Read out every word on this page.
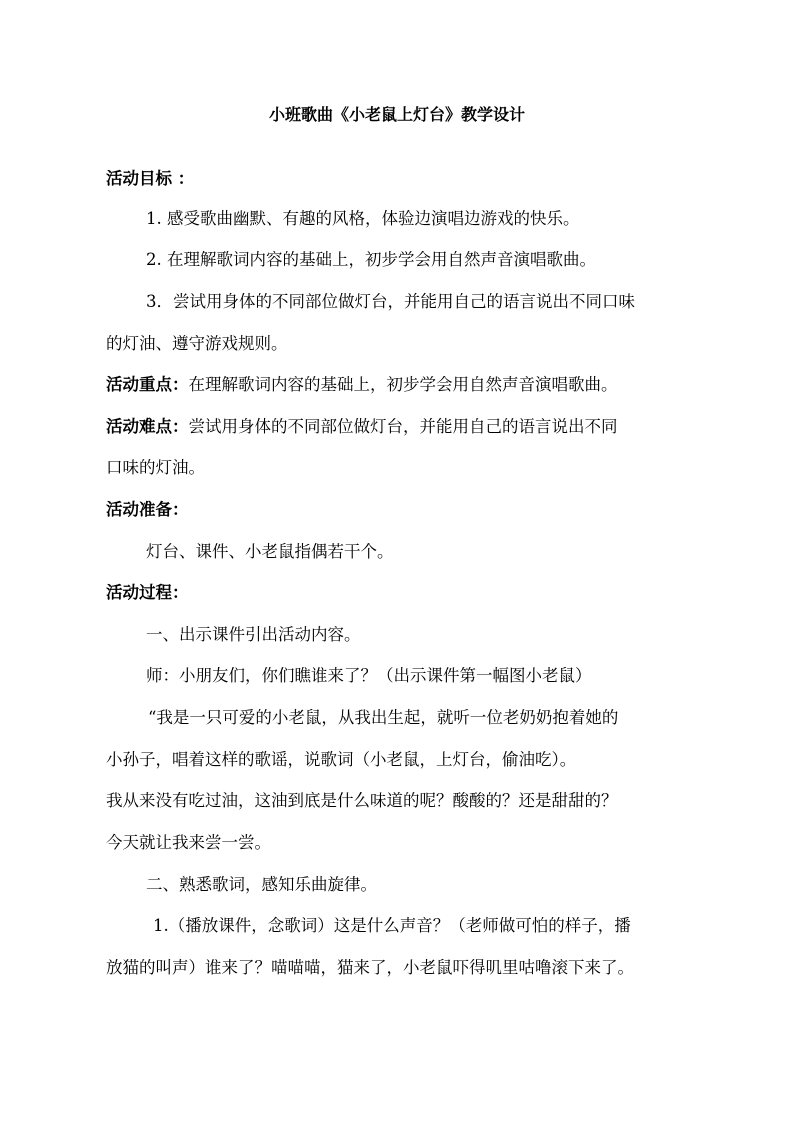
小班歌曲《小老鼠上灯台》教学设计
活动目标 ：
1. 感受歌曲幽默、有趣的风格，体验边演唱边游戏的快乐。
2. 在理解歌词内容的基础上，初步学会用自然声音演唱歌曲。
3．尝试用身体的不同部位做灯台，并能用自己的语言说出不同口味
的灯油、遵守游戏规则。
活动重点：在理解歌词内容的基础上，初步学会用自然声音演唱歌曲。
活动难点：尝试用身体的不同部位做灯台，并能用自己的语言说出不同
口味的灯油。
活动准备：
灯台、课件、小老鼠指偶若干个。
活动过程：
一、出示课件引出活动内容。
师：小朋友们，你们瞧谁来了？（出示课件第一幅图小老鼠）
“我是一只可爱的小老鼠，从我出生起，就听一位老奶奶抱着她的
小孙子，唱着这样的歌谣，说歌词（小老鼠，上灯台，偷油吃）。
我从来没有吃过油，这油到底是什么味道的呢？酸酸的？还是甜甜的？
今天就让我来尝一尝。
二、熟悉歌词，感知乐曲旋律。
1.（播放课件，念歌词）这是什么声音？（老师做可怕的样子，播
放猫的叫声）谁来了？喵喵喵，猫来了，小老鼠吓得叽里咕噜滚下来了。
